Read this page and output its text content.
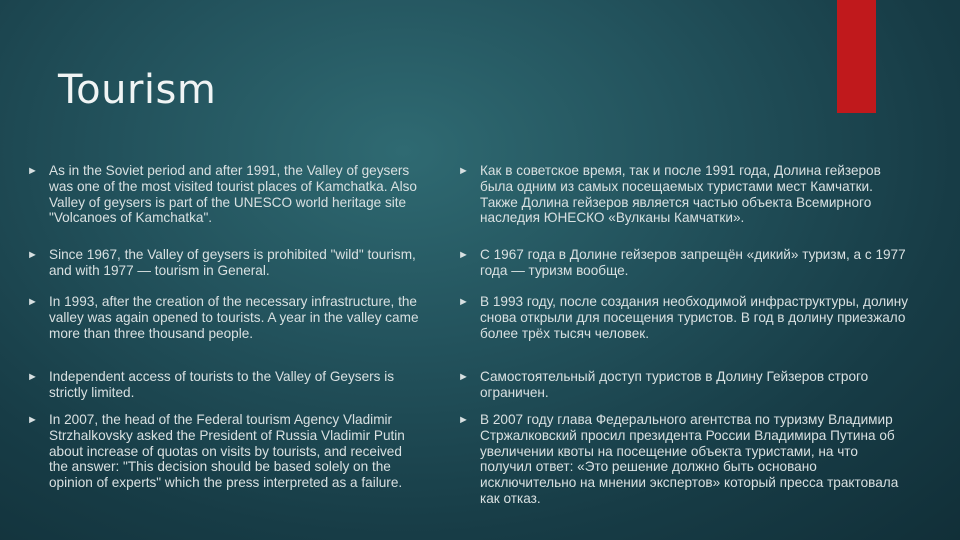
Tourism
► As in the Soviet period and after 1991, the Valley of geysers was one of the most visited tourist places of Kamchatka. Also Valley of geysers is part of the UNESCO world heritage site "Volcanoes of Kamchatka".
► Since 1967, the Valley of geysers is prohibited "wild" tourism, and with 1977 — tourism in General.
► In 1993, after the creation of the necessary infrastructure, the valley was again opened to tourists. A year in the valley came more than three thousand people.
► Independent access of tourists to the Valley of Geysers is strictly limited.
► In 2007, the head of the Federal tourism Agency Vladimir Strzhalkovsky asked the President of Russia Vladimir Putin about increase of quotas on visits by tourists, and received the answer: "This decision should be based solely on the opinion of experts" which the press interpreted as a failure.
► Как в советское время, так и после 1991 года, Долина гейзеров была одним из самых посещаемых туристами мест Камчатки. Также Долина гейзеров является частью объекта Всемирного наследия ЮНЕСКО «Вулканы Камчатки».
► С 1967 года в Долине гейзеров запрещён «дикий» туризм, а с 1977 года — туризм вообще.
► В 1993 году, после создания необходимой инфраструктуры, долину снова открыли для посещения туристов. В год в долину приезжало более трёх тысяч человек.
► Самостоятельный доступ туристов в Долину Гейзеров строго ограничен.
► В 2007 году глава Федерального агентства по туризму Владимир Стржалковский просил президента России Владимира Путина об увеличении квоты на посещение объекта туристами, на что получил ответ: «Это решение должно быть основано исключительно на мнении экспертов» который пресса трактовала как отказ.
